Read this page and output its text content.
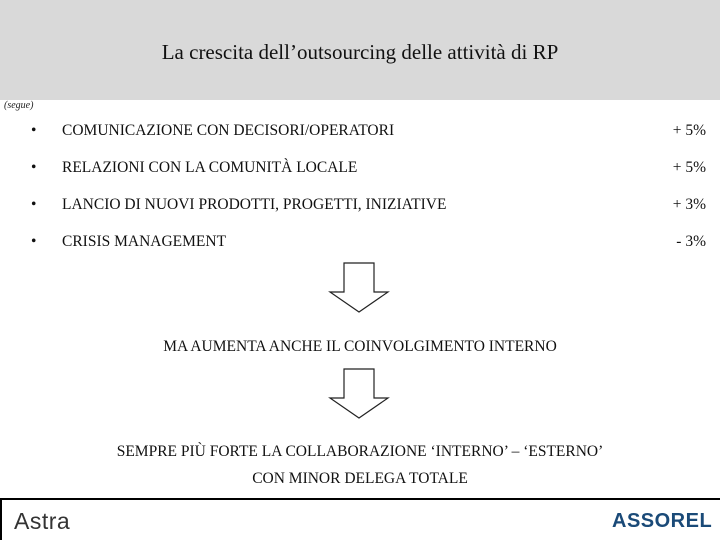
La crescita dell’outsourcing delle attività di RP
(segue)
• COMUNICAZIONE CON DECISORI/OPERATORI	+ 5%
• RELAZIONI CON LA COMUNITÀ LOCALE	+ 5%
• LANCIO DI NUOVI PRODOTTI, PROGETTI, INIZIATIVE	+ 3%
• CRISIS MANAGEMENT	- 3%
MA AUMENTA ANCHE IL COINVOLGIMENTO INTERNO
SEMPRE PIÙ FORTE LA COLLABORAZIONE ‘INTERNO’ – ‘ESTERNO’
CON MINOR DELEGA TOTALE
Astra	ASSOREL
